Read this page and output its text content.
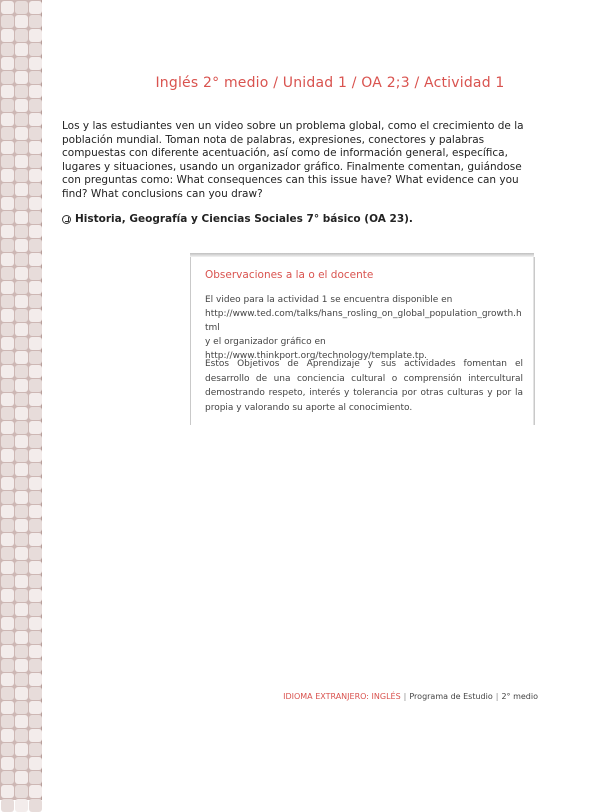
Inglés 2° medio / Unidad 1 / OA 2;3 / Actividad 1
Los y las estudiantes ven un video sobre un problema global, como el crecimiento de la población mundial. Toman nota de palabras, expresiones, conectores y palabras compuestas con diferente acentuación, así como de información general, específica, lugares y situaciones, usando un organizador gráfico. Finalmente comentan, guiándose con preguntas como: What consequences can this issue have? What evidence can you find? What conclusions can you draw?
Historia, Geografía y Ciencias Sociales 7° básico (OA 23).
Observaciones a la o el docente
El video para la actividad 1 se encuentra disponible en
http://www.ted.com/talks/hans_rosling_on_global_population_growth.html
y el organizador gráfico en
http://www.thinkport.org/technology/template.tp.
Estos Objetivos de Aprendizaje y sus actividades fomentan el desarrollo de una conciencia cultural o comprensión intercultural demostrando respeto, interés y tolerancia por otras culturas y por la propia y valorando su aporte al conocimiento.
IDIOMA EXTRANJERO: INGLÉS | Programa de Estudio | 2° medio
